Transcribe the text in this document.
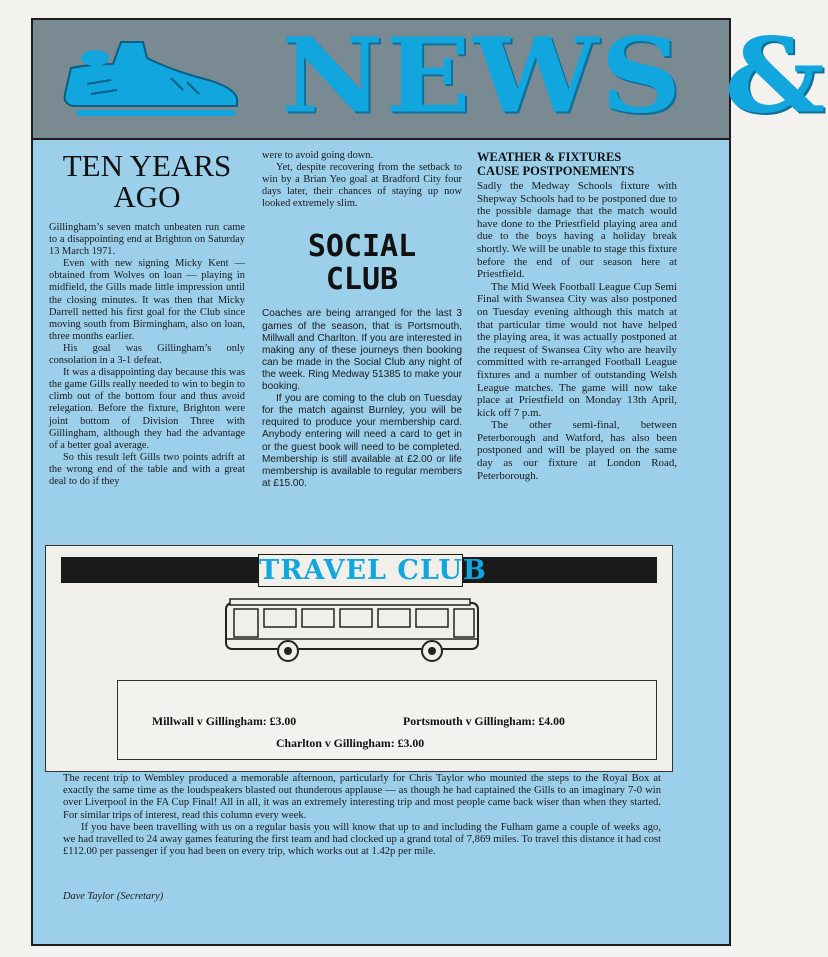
NEWS &
TEN YEARS AGO

Gillingham’s seven match unbeaten run came to a disappointing end at Brighton on Saturday 13 March 1971.

Even with new signing Micky Kent — obtained from Wolves on loan — playing in midfield, the Gills made little impression until the closing minutes. It was then that Micky Darrell netted his first goal for the Club since moving south from Birmingham, also on loan, three months earlier.

His goal was Gillingham’s only consolation in a 3-1 defeat.

It was a disappointing day because this was the game Gills really needed to win to begin to climb out of the bottom four and thus avoid relegation. Before the fixture, Brighton were joint bottom of Division Three with Gillingham, although they had the advantage of a better goal average.

So this result left Gills two points adrift at the wrong end of the table and with a great deal to do if they

were to avoid going down.

Yet, despite recovering from the setback to win by a Brian Yeo goal at Bradford City four days later, their chances of staying up now looked extremely slim.

SOCIAL
CLUB

Coaches are being arranged for the last 3 games of the season, that is Portsmouth, Millwall and Charlton. If you are interested in making any of these journeys then booking can be made in the Social Club any night of the week. Ring Medway 51385 to make your booking.

If you are coming to the club on Tuesday for the match against Burnley, you will be required to produce your membership card. Anybody entering will need a card to get in or the guest book will need to be completed. Membership is still available at £2.00 or life membership is available to regular members at £15.00.

WEATHER & FIXTURES
CAUSE POSTPONEMENTS

Sadly the Medway Schools fixture with Shepway Schools had to be postponed due to the possible damage that the match would have done to the Priestfield playing area and due to the boys having a holiday break shortly. We will be unable to stage this fixture before the end of our season here at Priestfield.

The Mid Week Football League Cup Semi Final with Swansea City was also postponed on Tuesday evening although this match at that particular time would not have helped the playing area, it was actually postponed at the request of Swansea City who are heavily committed with re-arranged Football League fixtures and a number of outstanding Welsh League matches. The game will now take place at Priestfield on Monday 13th April, kick off 7 p.m.

The other semi-final, between Peterborough and Watford, has also been postponed and will be played on the same day as our fixture at London Road, Peterborough.

TRAVEL CLUB
Millwall v Gillingham: £3.00	Portsmouth v Gillingham: £4.00
Charlton v Gillingham: £3.00

The recent trip to Wembley produced a memorable afternoon, particularly for Chris Taylor who mounted the steps to the Royal Box at exactly the same time as the loudspeakers blasted out thunderous applause — as though he had captained the Gills to an imaginary 7-0 win over Liverpool in the FA Cup Final! All in all, it was an extremely interesting trip and most people came back wiser than when they started. For similar trips of interest, read this column every week.

If you have been travelling with us on a regular basis you will know that up to and including the Fulham game a couple of weeks ago, we had travelled to 24 away games featuring the first team and had clocked up a grand total of 7,869 miles. To travel this distance it had cost £112.00 per passenger if you had been on every trip, which works out at 1.42p per mile.

Dave Taylor (Secretary)
